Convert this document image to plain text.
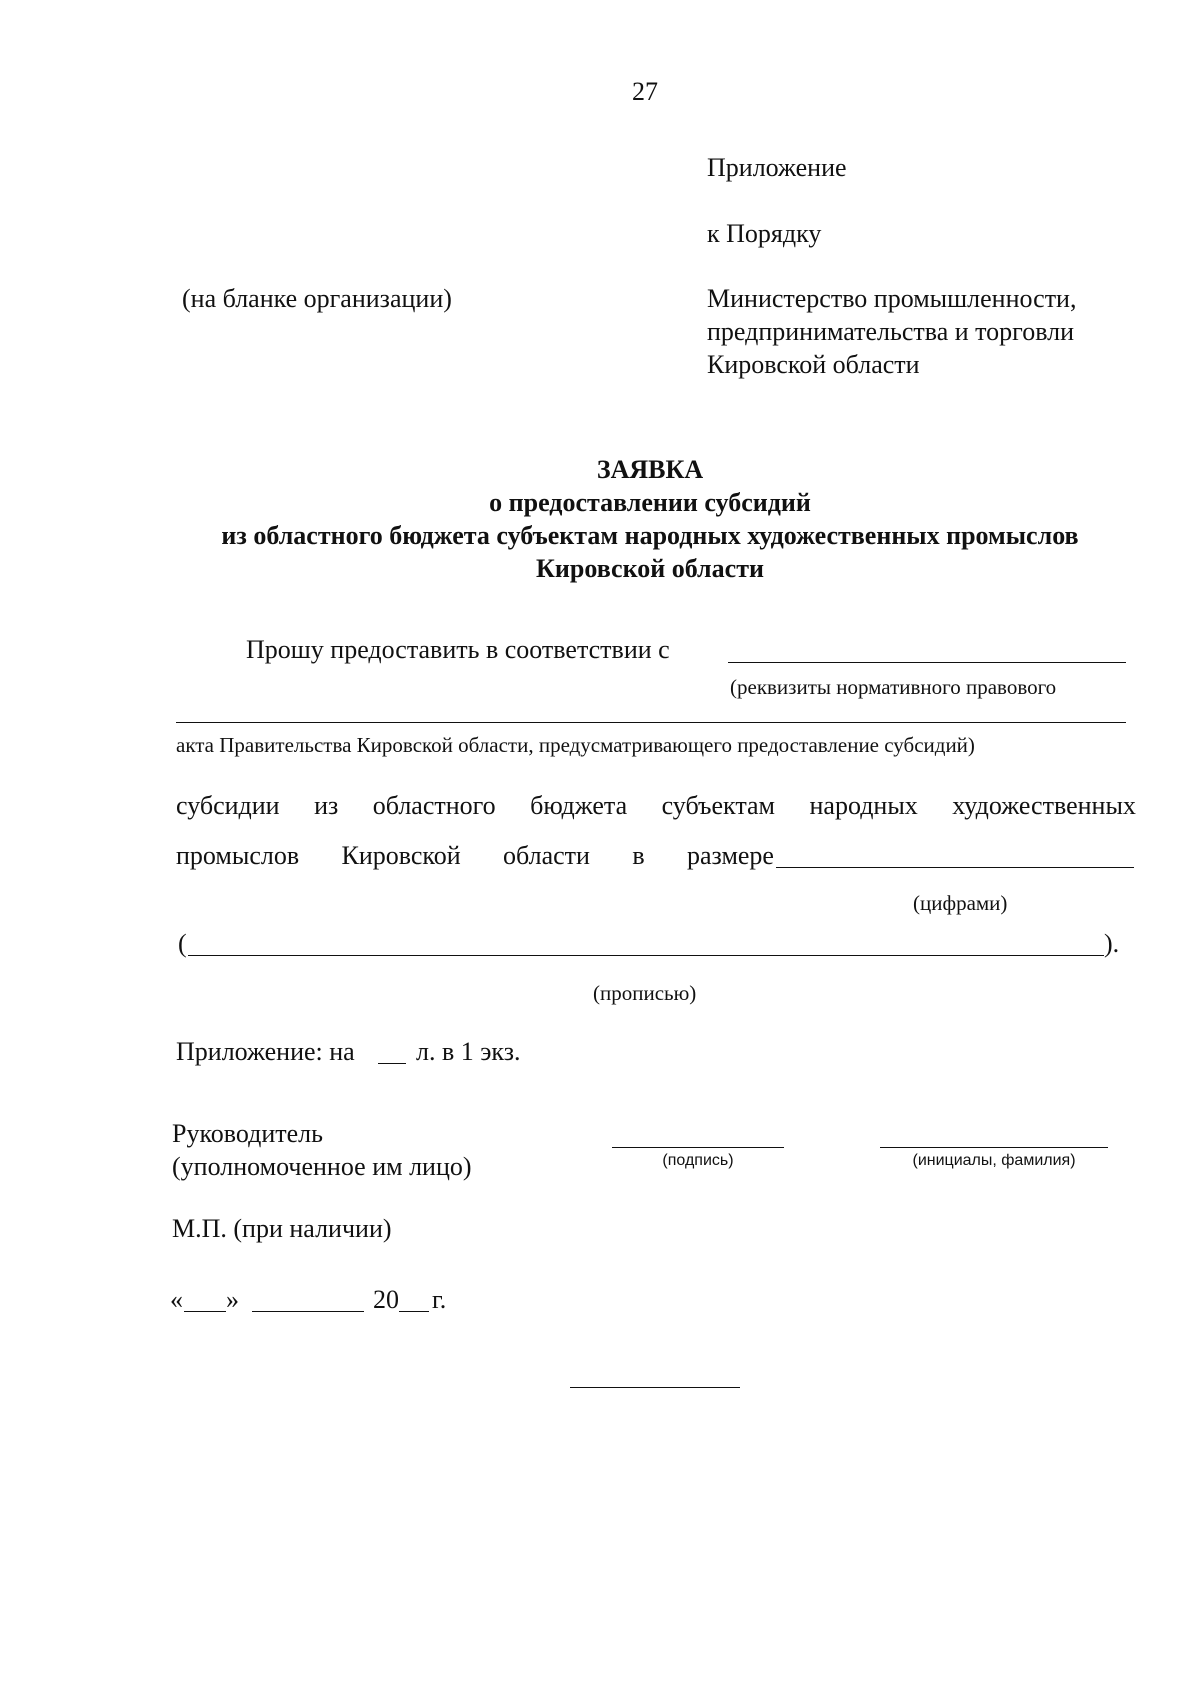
27
Приложение
к Порядку
Министерство промышленности,
предпринимательства и торговли
Кировской области
(на бланке организации)
ЗАЯВКА
о предоставлении субсидий
из областного бюджета субъектам народных художественных промыслов
Кировской области
Прошу предоставить в соответствии с
(реквизиты нормативного правового
акта Правительства Кировской области, предусматривающего предоставление субсидий)
субсидии из областного бюджета субъектам народных художественных
промыслов Кировской области в размере
(цифрами)
(	).
(прописью)
Приложение: на л. в 1 экз.
Руководитель
(уполномоченное им лицо)	(подпись)	(инициалы, фамилия)
М.П. (при наличии)
« »	20 г.
